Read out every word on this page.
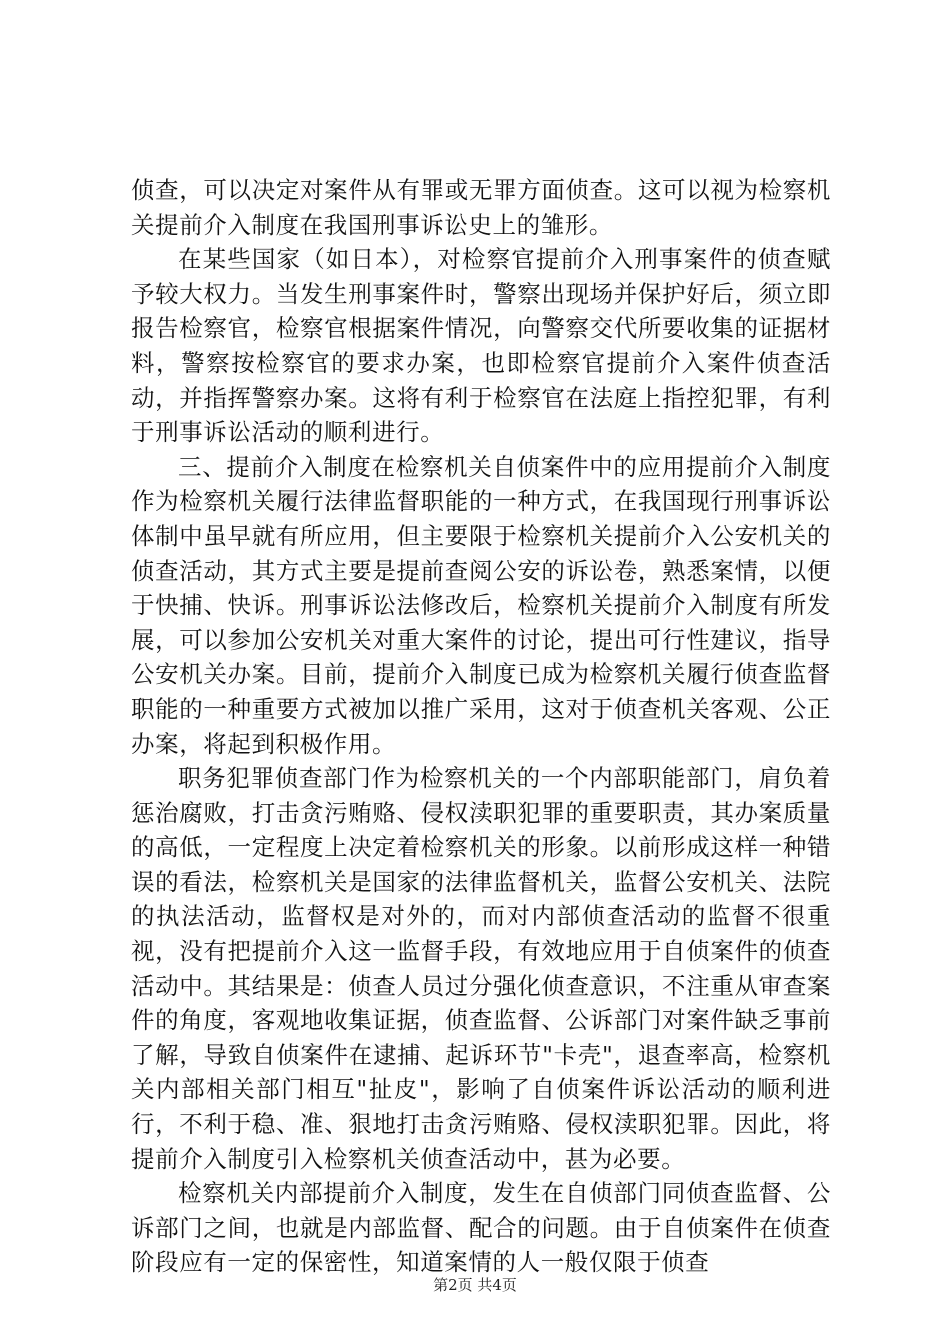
侦查，可以决定对案件从有罪或无罪方面侦查。这可以视为检察机关提前介入制度在我国刑事诉讼史上的雏形。

在某些国家（如日本），对检察官提前介入刑事案件的侦查赋予较大权力。当发生刑事案件时，警察出现场并保护好后，须立即报告检察官，检察官根据案件情况，向警察交代所要收集的证据材料，警察按检察官的要求办案，也即检察官提前介入案件侦查活动，并指挥警察办案。这将有利于检察官在法庭上指控犯罪，有利于刑事诉讼活动的顺利进行。

三、提前介入制度在检察机关自侦案件中的应用提前介入制度作为检察机关履行法律监督职能的一种方式，在我国现行刑事诉讼体制中虽早就有所应用，但主要限于检察机关提前介入公安机关的侦查活动，其方式主要是提前查阅公安的诉讼卷，熟悉案情，以便于快捕、快诉。刑事诉讼法修改后，检察机关提前介入制度有所发展，可以参加公安机关对重大案件的讨论，提出可行性建议，指导公安机关办案。目前，提前介入制度已成为检察机关履行侦查监督职能的一种重要方式被加以推广采用，这对于侦查机关客观、公正办案，将起到积极作用。

职务犯罪侦查部门作为检察机关的一个内部职能部门，肩负着惩治腐败，打击贪污贿赂、侵权渎职犯罪的重要职责，其办案质量的高低，一定程度上决定着检察机关的形象。以前形成这样一种错误的看法，检察机关是国家的法律监督机关，监督公安机关、法院的执法活动，监督权是对外的，而对内部侦查活动的监督不很重视，没有把提前介入这一监督手段，有效地应用于自侦案件的侦查活动中。其结果是：侦查人员过分强化侦查意识，不注重从审查案件的角度，客观地收集证据，侦查监督、公诉部门对案件缺乏事前了解，导致自侦案件在逮捕、起诉环节"卡壳"，退查率高，检察机关内部相关部门相互"扯皮"，影响了自侦案件诉讼活动的顺利进行，不利于稳、准、狠地打击贪污贿赂、侵权渎职犯罪。因此，将提前介入制度引入检察机关侦查活动中，甚为必要。

检察机关内部提前介入制度，发生在自侦部门同侦查监督、公诉部门之间，也就是内部监督、配合的问题。由于自侦案件在侦查阶段应有一定的保密性，知道案情的人一般仅限于侦查

第2页 共4页
